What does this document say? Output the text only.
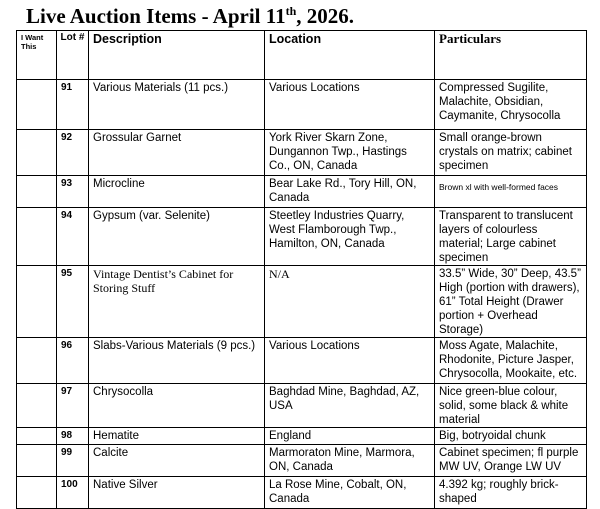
Live Auction Items - April 11th, 2026.
I Want This	Lot #	Description	Location	Particulars
	91	Various Materials (11 pcs.)	Various Locations	Compressed Sugilite, Malachite, Obsidian, Caymanite, Chrysocolla
	92	Grossular Garnet	York River Skarn Zone, Dungannon Twp., Hastings Co., ON, Canada	Small orange-brown crystals on matrix; cabinet specimen
	93	Microcline	Bear Lake Rd., Tory Hill, ON, Canada	Brown xl with well-formed faces
	94	Gypsum (var. Selenite)	Steetley Industries Quarry, West Flamborough Twp., Hamilton, ON, Canada	Transparent to translucent layers of colourless material; Large cabinet specimen
	95	Vintage Dentist’s Cabinet for Storing Stuff	N/A	33.5” Wide, 30” Deep, 43.5” High (portion with drawers), 61” Total Height (Drawer portion + Overhead Storage)
	96	Slabs-Various Materials (9 pcs.)	Various Locations	Moss Agate, Malachite, Rhodonite, Picture Jasper, Chrysocolla, Mookaite, etc.
	97	Chrysocolla	Baghdad Mine, Baghdad, AZ, USA	Nice green-blue colour, solid, some black & white material
	98	Hematite	England	Big, botryoidal chunk
	99	Calcite	Marmoraton Mine, Marmora, ON, Canada	Cabinet specimen; fl purple MW UV, Orange LW UV
	100	Native Silver	La Rose Mine, Cobalt, ON, Canada	4.392 kg; roughly brick-shaped
